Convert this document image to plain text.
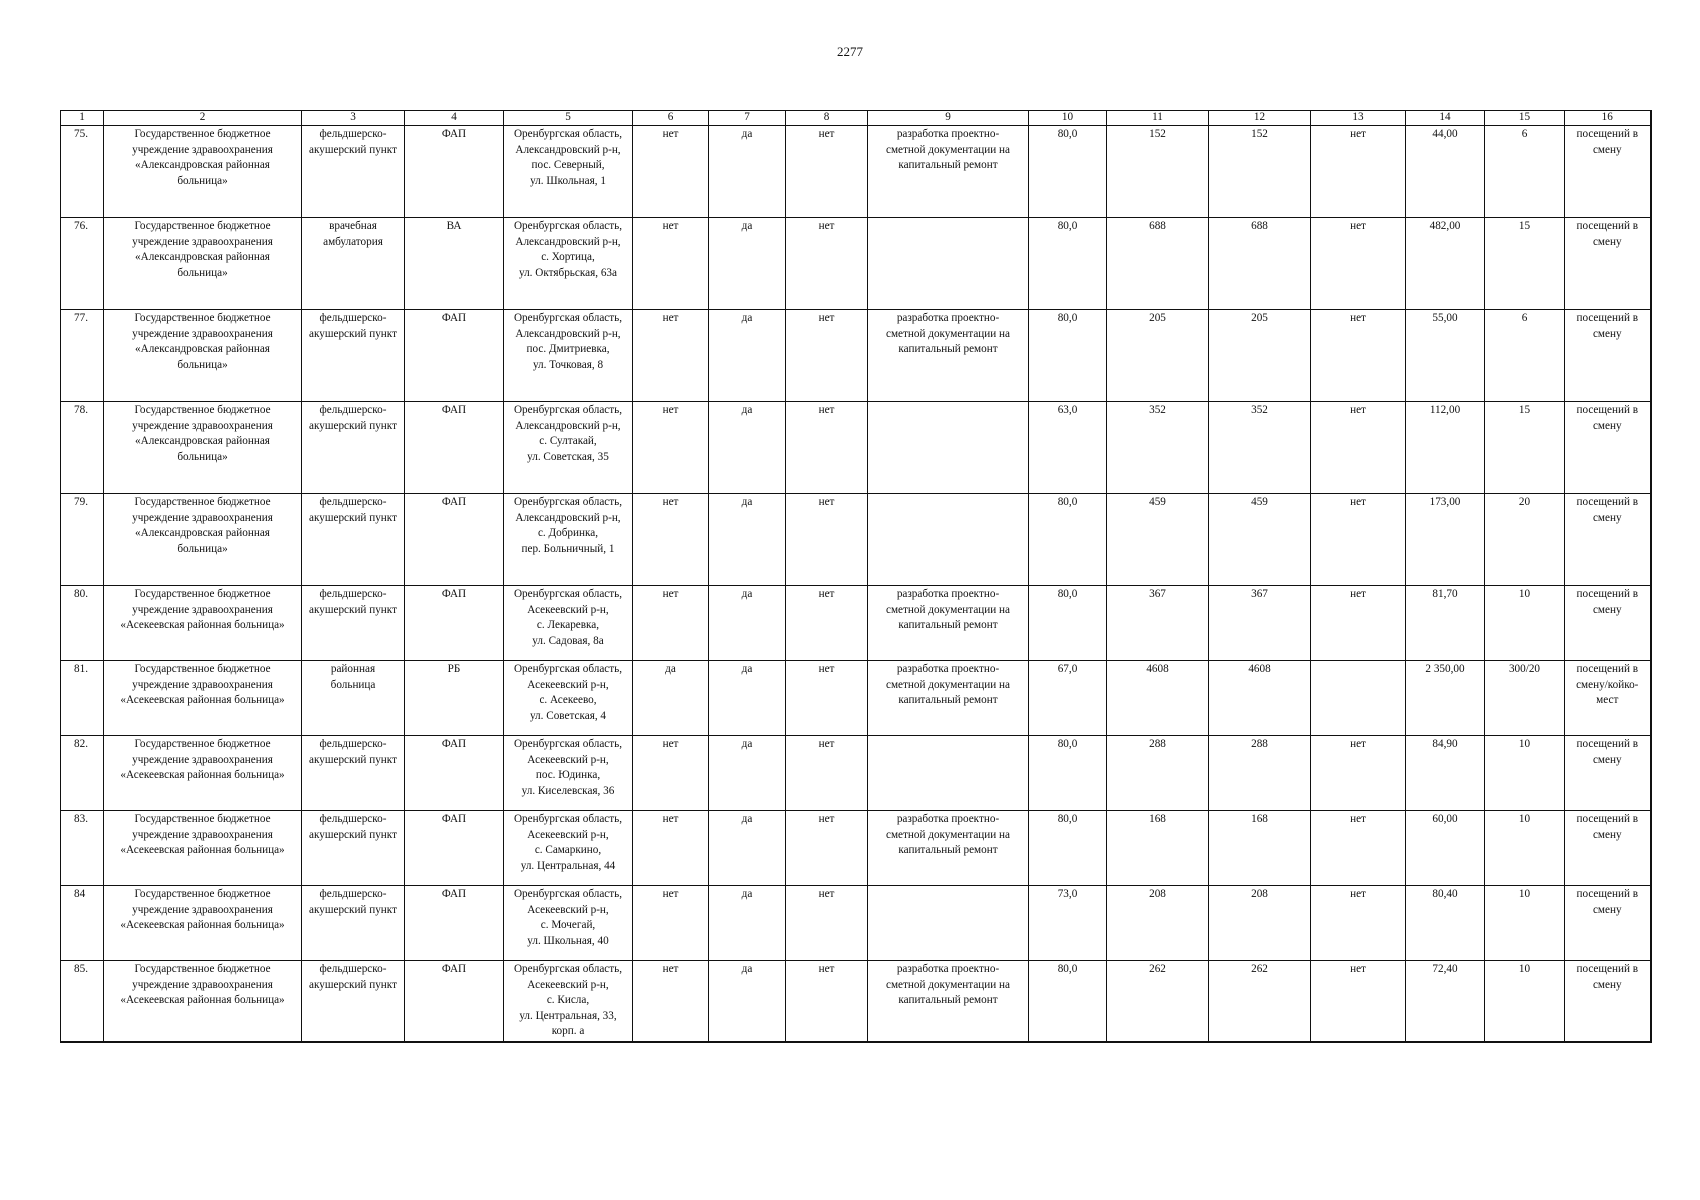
2277
1	2	3	4	5	6	7	8	9	10	11	12	13	14	15	16
75.	Государственное бюджетное
учреждение здравоохранения
«Александровская районная
больница»	фельдшерско-
акушерский пункт	ФАП	Оренбургская область,
Александровский р-н,
пос. Северный,
ул. Школьная, 1	нет	да	нет	разработка проектно-
сметной документации на
капитальный ремонт	80,0	152	152	нет	44,00	6	посещений в
смену
76.	Государственное бюджетное
учреждение здравоохранения
«Александровская районная
больница»	врачебная
амбулатория	ВА	Оренбургская область,
Александровский р-н,
с. Хортица,
ул. Октябрьская, 63а	нет	да	нет		80,0	688	688	нет	482,00	15	посещений в
смену
77.	Государственное бюджетное
учреждение здравоохранения
«Александровская районная
больница»	фельдшерско-
акушерский пункт	ФАП	Оренбургская область,
Александровский р-н,
пос. Дмитриевка,
ул. Точковая, 8	нет	да	нет	разработка проектно-
сметной документации на
капитальный ремонт	80,0	205	205	нет	55,00	6	посещений в
смену
78.	Государственное бюджетное
учреждение здравоохранения
«Александровская районная
больница»	фельдшерско-
акушерский пункт	ФАП	Оренбургская область,
Александровский р-н,
с. Султакай,
ул. Советская, 35	нет	да	нет		63,0	352	352	нет	112,00	15	посещений в
смену
79.	Государственное бюджетное
учреждение здравоохранения
«Александровская районная
больница»	фельдшерско-
акушерский пункт	ФАП	Оренбургская область,
Александровский р-н,
с. Добринка,
пер. Больничный, 1	нет	да	нет		80,0	459	459	нет	173,00	20	посещений в
смену
80.	Государственное бюджетное
учреждение здравоохранения
«Асекеевская районная больница»	фельдшерско-
акушерский пункт	ФАП	Оренбургская область,
Асекеевский р-н,
с. Лекаревка,
ул. Садовая, 8а	нет	да	нет	разработка проектно-
сметной документации на
капитальный ремонт	80,0	367	367	нет	81,70	10	посещений в
смену
81.	Государственное бюджетное
учреждение здравоохранения
«Асекеевская районная больница»	районная
больница	РБ	Оренбургская область,
Асекеевский р-н,
с. Асекеево,
ул. Советская, 4	да	да	нет	разработка проектно-
сметной документации на
капитальный ремонт	67,0	4608	4608		2 350,00	300/20	посещений в
смену/койко-
мест
82.	Государственное бюджетное
учреждение здравоохранения
«Асекеевская районная больница»	фельдшерско-
акушерский пункт	ФАП	Оренбургская область,
Асекеевский р-н,
пос. Юдинка,
ул. Киселевская, 36	нет	да	нет		80,0	288	288	нет	84,90	10	посещений в
смену
83.	Государственное бюджетное
учреждение здравоохранения
«Асекеевская районная больница»	фельдшерско-
акушерский пункт	ФАП	Оренбургская область,
Асекеевский р-н,
с. Самаркино,
ул. Центральная, 44	нет	да	нет	разработка проектно-
сметной документации на
капитальный ремонт	80,0	168	168	нет	60,00	10	посещений в
смену
84	Государственное бюджетное
учреждение здравоохранения
«Асекеевская районная больница»	фельдшерско-
акушерский пункт	ФАП	Оренбургская область,
Асекеевский р-н,
с. Мочегай,
ул. Школьная, 40	нет	да	нет		73,0	208	208	нет	80,40	10	посещений в
смену
85.	Государственное бюджетное
учреждение здравоохранения
«Асекеевская районная больница»	фельдшерско-
акушерский пункт	ФАП	Оренбургская область,
Асекеевский р-н,
с. Кисла,
ул. Центральная, 33,
корп. а	нет	да	нет	разработка проектно-
сметной документации на
капитальный ремонт	80,0	262	262	нет	72,40	10	посещений в
смену
